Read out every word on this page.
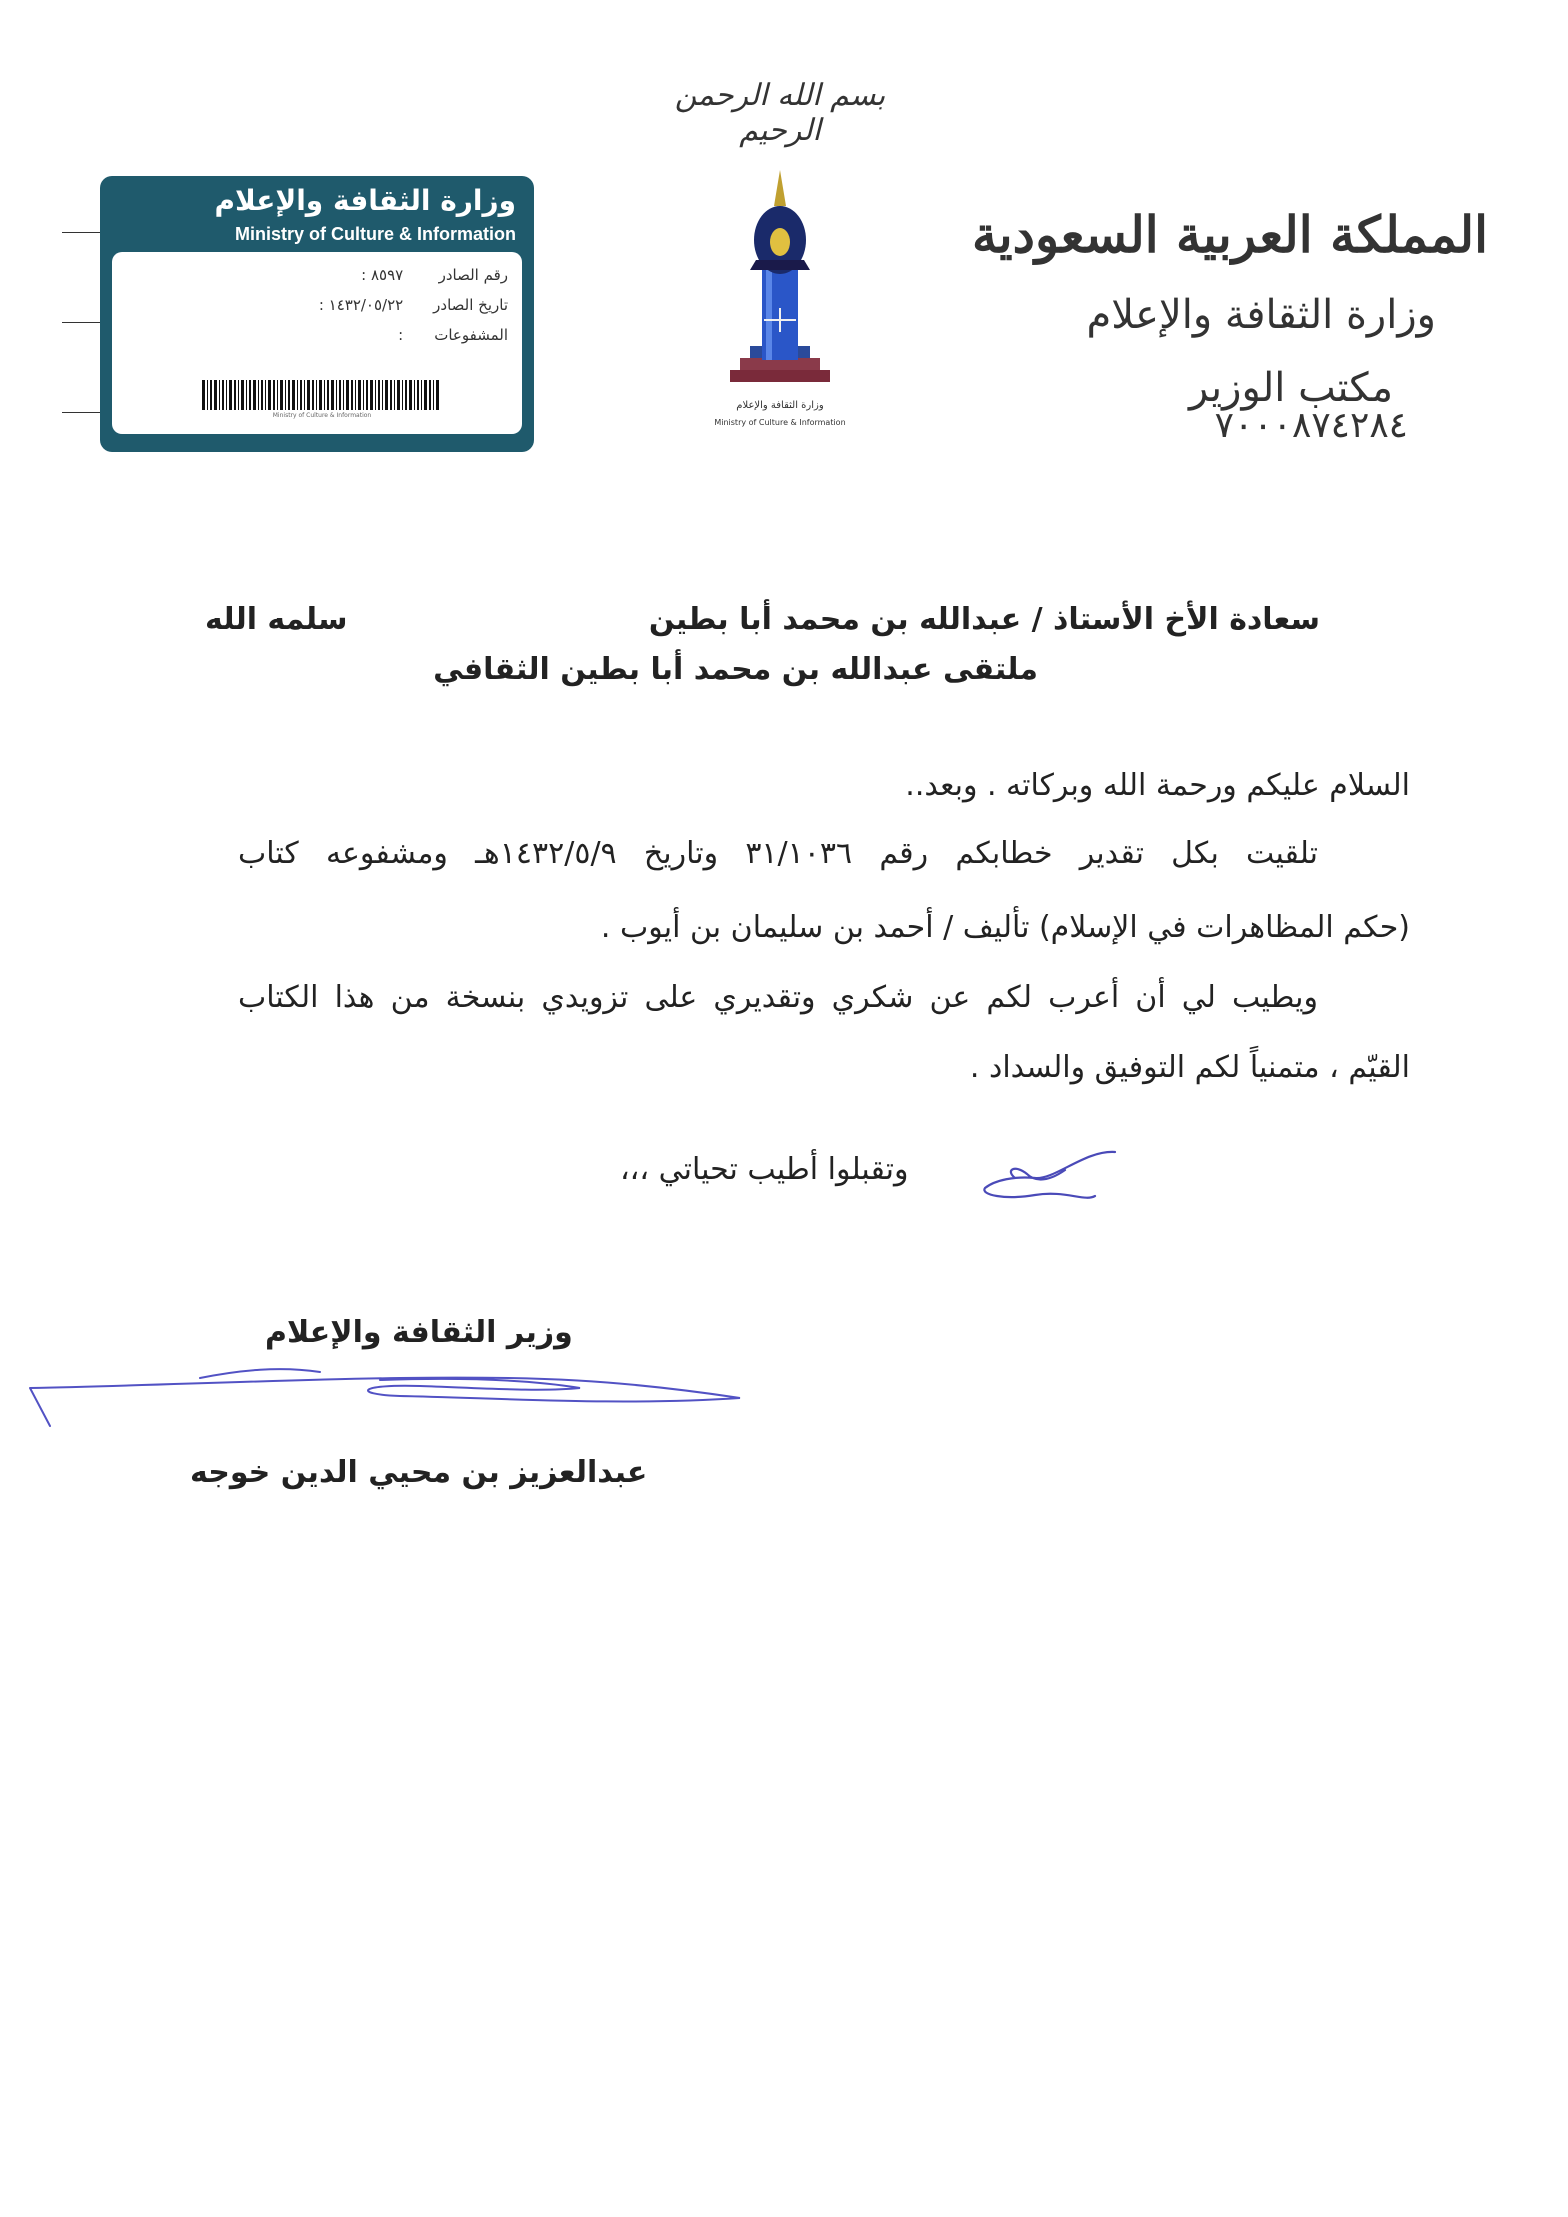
بسم الله الرحمن الرحيم
المملكة العربية السعودية
وزارة الثقافة والإعلام
مكتب الوزير
٧٠٠٠٨٧٤٢٨٤
وزارة الثقافة والإعلام
Ministry of Culture & Information
وزارة الثقافة والإعلام
Ministry of Culture & Information
رقم الصادر ٨٥٩٧ :
تاريخ الصادر ١٤٣٢/٠٥/٢٢ :
المشفوعات :
Ministry of Culture & Information
سعادة الأخ الأستاذ / عبدالله بن محمد أبا بطين
سلمه الله
ملتقى عبدالله بن محمد أبا بطين الثقافي
السلام عليكم ورحمة الله وبركاته . وبعد..
تلقيت بكل تقدير خطابكم رقم ٣١/١٠٣٦ وتاريخ ١٤٣٢/٥/٩هـ ومشفوعه كتاب
(حكم المظاهرات في الإسلام) تأليف / أحمد بن سليمان بن أيوب .
ويطيب لي أن أعرب لكم عن شكري وتقديري على تزويدي بنسخة من هذا الكتاب
القيّم ، متمنياً لكم التوفيق والسداد .
وتقبلوا أطيب تحياتي ،،،
وزير الثقافة والإعلام
عبدالعزيز بن محيي الدين خوجه
